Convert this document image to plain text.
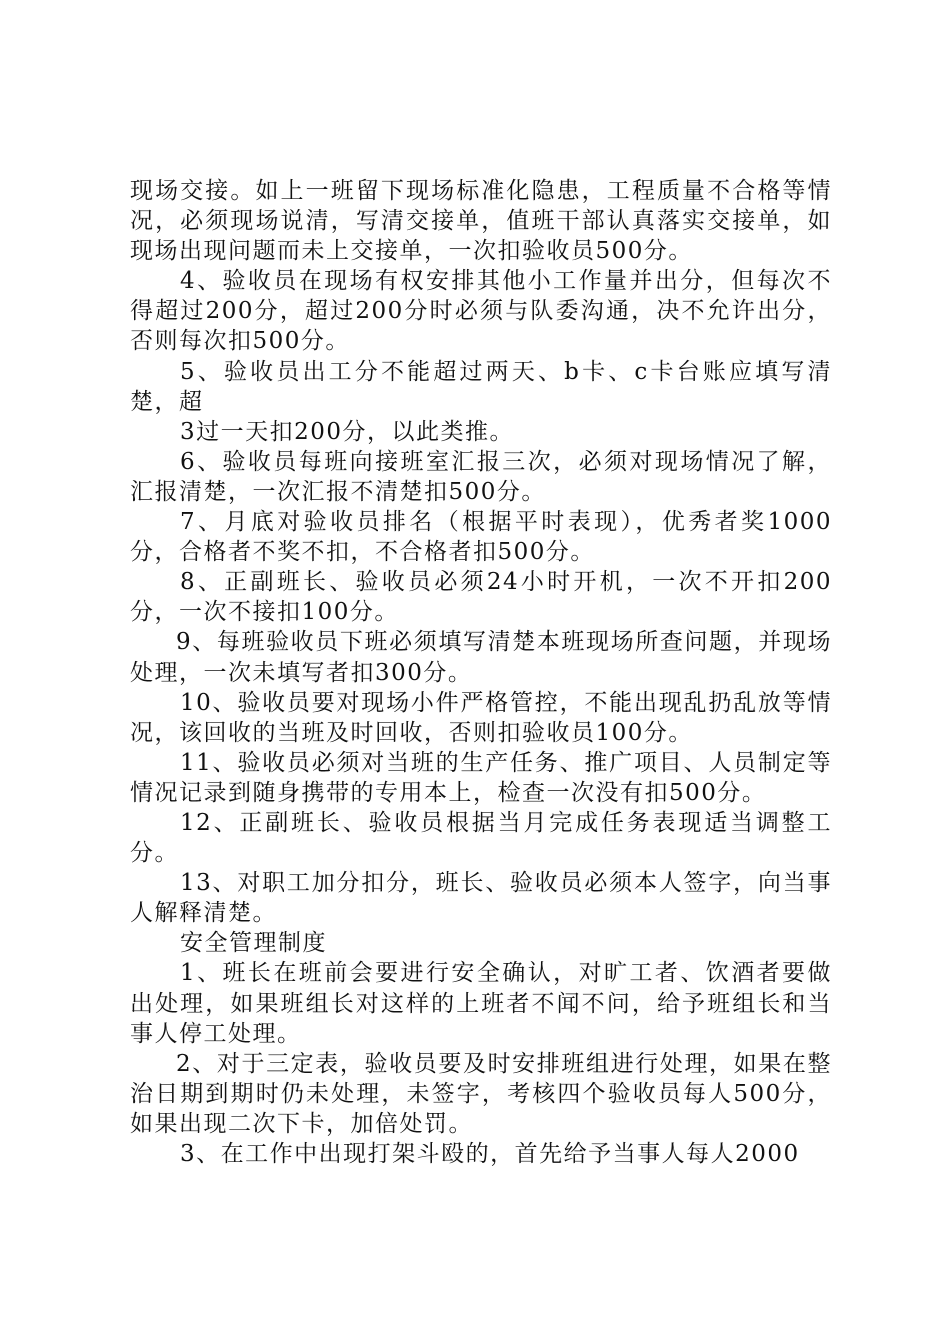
现场交接。如上一班留下现场标准化隐患，工程质量不合格等情况，必须现场说清，写清交接单，值班干部认真落实交接单，如现场出现问题而未上交接单，一次扣验收员500分。

4、验收员在现场有权安排其他小工作量并出分，但每次不得超过200分，超过200分时必须与队委沟通，决不允许出分，否则每次扣500分。

5、验收员出工分不能超过两天、b卡、c卡台账应填写清楚，超

3过一天扣200分，以此类推。

6、验收员每班向接班室汇报三次，必须对现场情况了解，汇报清楚，一次汇报不清楚扣500分。

7、月底对验收员排名（根据平时表现），优秀者奖1000分，合格者不奖不扣，不合格者扣500分。

8、正副班长、验收员必须24小时开机，一次不开扣200分，一次不接扣100分。

9、每班验收员下班必须填写清楚本班现场所查问题，并现场处理，一次未填写者扣300分。

10、验收员要对现场小件严格管控，不能出现乱扔乱放等情况，该回收的当班及时回收，否则扣验收员100分。

11、验收员必须对当班的生产任务、推广项目、人员制定等情况记录到随身携带的专用本上，检查一次没有扣500分。

12、正副班长、验收员根据当月完成任务表现适当调整工分。

13、对职工加分扣分，班长、验收员必须本人签字，向当事人解释清楚。

安全管理制度

1、班长在班前会要进行安全确认，对旷工者、饮酒者要做出处理，如果班组长对这样的上班者不闻不问，给予班组长和当事人停工处理。

2、对于三定表，验收员要及时安排班组进行处理，如果在整治日期到期时仍未处理，未签字，考核四个验收员每人500分，如果出现二次下卡，加倍处罚。

3、在工作中出现打架斗殴的，首先给予当事人每人2000
